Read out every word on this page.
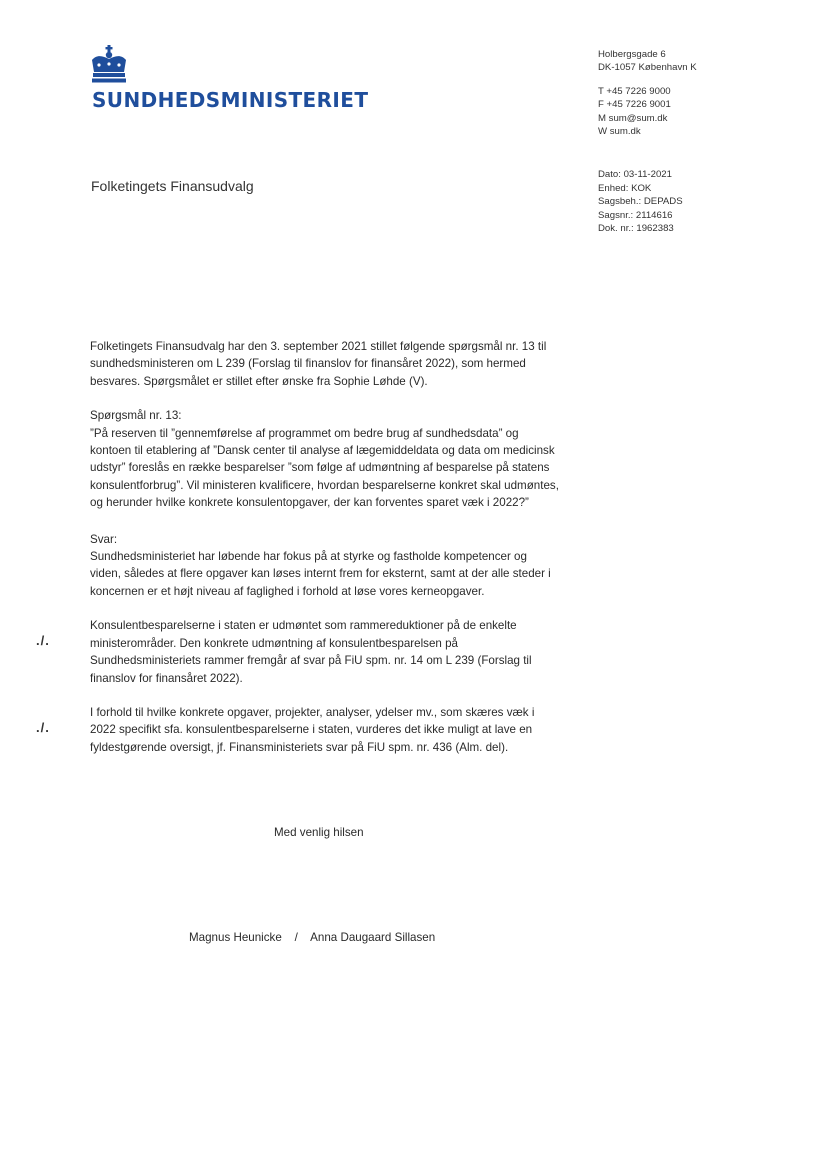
SUNDHEDSMINISTERIET
Holbergsgade 6
DK-1057 København K
T +45 7226 9000
F +45 7226 9001
M sum@sum.dk
W sum.dk
Dato: 03-11-2021
Enhed: KOK
Sagsbeh.: DEPADS
Sagsnr.: 2114616
Dok. nr.: 1962383
Folketingets Finansudvalg

Folketingets Finansudvalg har den 3. september 2021 stillet følgende spørgsmål nr. 13 til sundhedsministeren om L 239 (Forslag til finanslov for finansåret 2022), som hermed besvares. Spørgsmålet er stillet efter ønske fra Sophie Løhde (V).

Spørgsmål nr. 13:
”På reserven til ”gennemførelse af programmet om bedre brug af sundhedsdata” og kontoen til etablering af ”Dansk center til analyse af lægemiddeldata og data om medicinsk udstyr” foreslås en række besparelser ”som følge af udmøntning af besparelse på statens konsulentforbrug”. Vil ministeren kvalificere, hvordan besparelserne konkret skal udmøntes, og herunder hvilke konkrete konsulentopgaver, der kan forventes sparet væk i 2022?”

Svar:
Sundhedsministeriet har løbende har fokus på at styrke og fastholde kompetencer og viden, således at flere opgaver kan løses internt frem for eksternt, samt at der alle steder i koncernen er et højt niveau af faglighed i forhold at løse vores kerneopgaver.

Konsulentbesparelserne i staten er udmøntet som rammereduktioner på de enkelte ministerområder. Den konkrete udmøntning af konsulentbesparelsen på Sundhedsministeriets rammer fremgår af svar på FiU spm. nr. 14 om L 239 (Forslag til finanslov for finansåret 2022).

I forhold til hvilke konkrete opgaver, projekter, analyser, ydelser mv., som skæres væk i 2022 specifikt sfa. konsulentbesparelserne i staten, vurderes det ikke muligt at lave en fyldestgørende oversigt, jf. Finansministeriets svar på FiU spm. nr. 436 (Alm. del).

./.
./.
Med venlig hilsen
Magnus Heunicke    /    Anna Daugaard Sillasen
